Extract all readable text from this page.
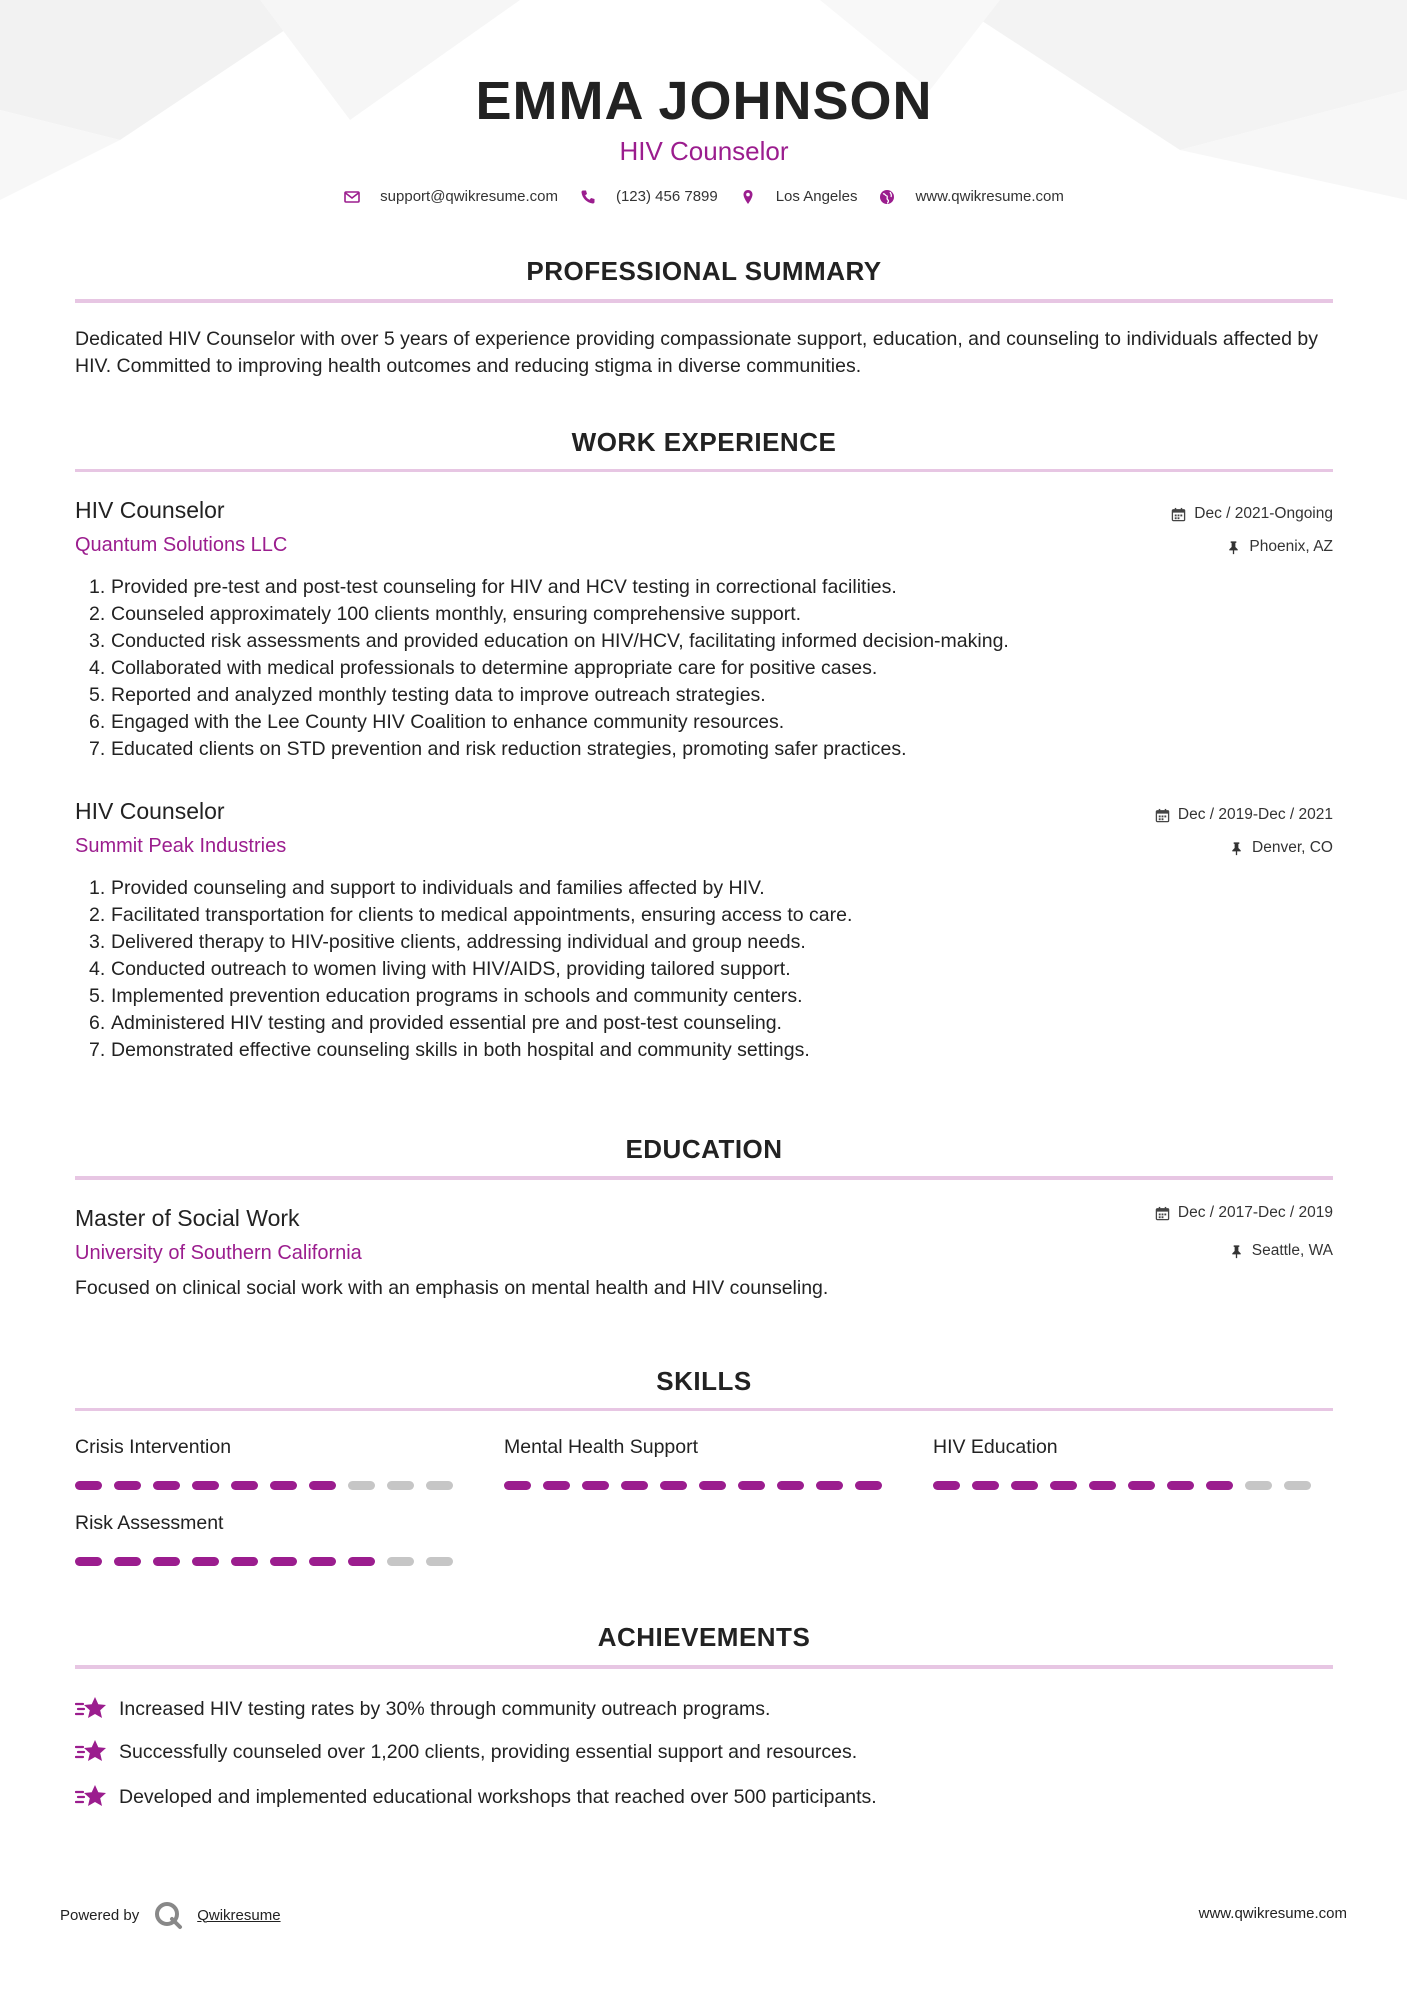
EMMA JOHNSON
HIV Counselor
support@qwikresume.com	(123) 456 7899	Los Angeles	www.qwikresume.com
PROFESSIONAL SUMMARY
Dedicated HIV Counselor with over 5 years of experience providing compassionate support, education, and counseling to individuals affected by HIV. Committed to improving health outcomes and reducing stigma in diverse communities.
WORK EXPERIENCE
HIV Counselor
Quantum Solutions LLC
Dec / 2021-Ongoing
Phoenix, AZ
1. Provided pre-test and post-test counseling for HIV and HCV testing in correctional facilities.
2. Counseled approximately 100 clients monthly, ensuring comprehensive support.
3. Conducted risk assessments and provided education on HIV/HCV, facilitating informed decision-making.
4. Collaborated with medical professionals to determine appropriate care for positive cases.
5. Reported and analyzed monthly testing data to improve outreach strategies.
6. Engaged with the Lee County HIV Coalition to enhance community resources.
7. Educated clients on STD prevention and risk reduction strategies, promoting safer practices.
HIV Counselor
Summit Peak Industries
Dec / 2019-Dec / 2021
Denver, CO
1. Provided counseling and support to individuals and families affected by HIV.
2. Facilitated transportation for clients to medical appointments, ensuring access to care.
3. Delivered therapy to HIV-positive clients, addressing individual and group needs.
4. Conducted outreach to women living with HIV/AIDS, providing tailored support.
5. Implemented prevention education programs in schools and community centers.
6. Administered HIV testing and provided essential pre and post-test counseling.
7. Demonstrated effective counseling skills in both hospital and community settings.
EDUCATION
Master of Social Work
University of Southern California
Dec / 2017-Dec / 2019
Seattle, WA
Focused on clinical social work with an emphasis on mental health and HIV counseling.
SKILLS
Crisis Intervention	Mental Health Support	HIV Education
Risk Assessment
ACHIEVEMENTS
Increased HIV testing rates by 30% through community outreach programs.
Successfully counseled over 1,200 clients, providing essential support and resources.
Developed and implemented educational workshops that reached over 500 participants.
Powered by	Qwikresume	www.qwikresume.com
